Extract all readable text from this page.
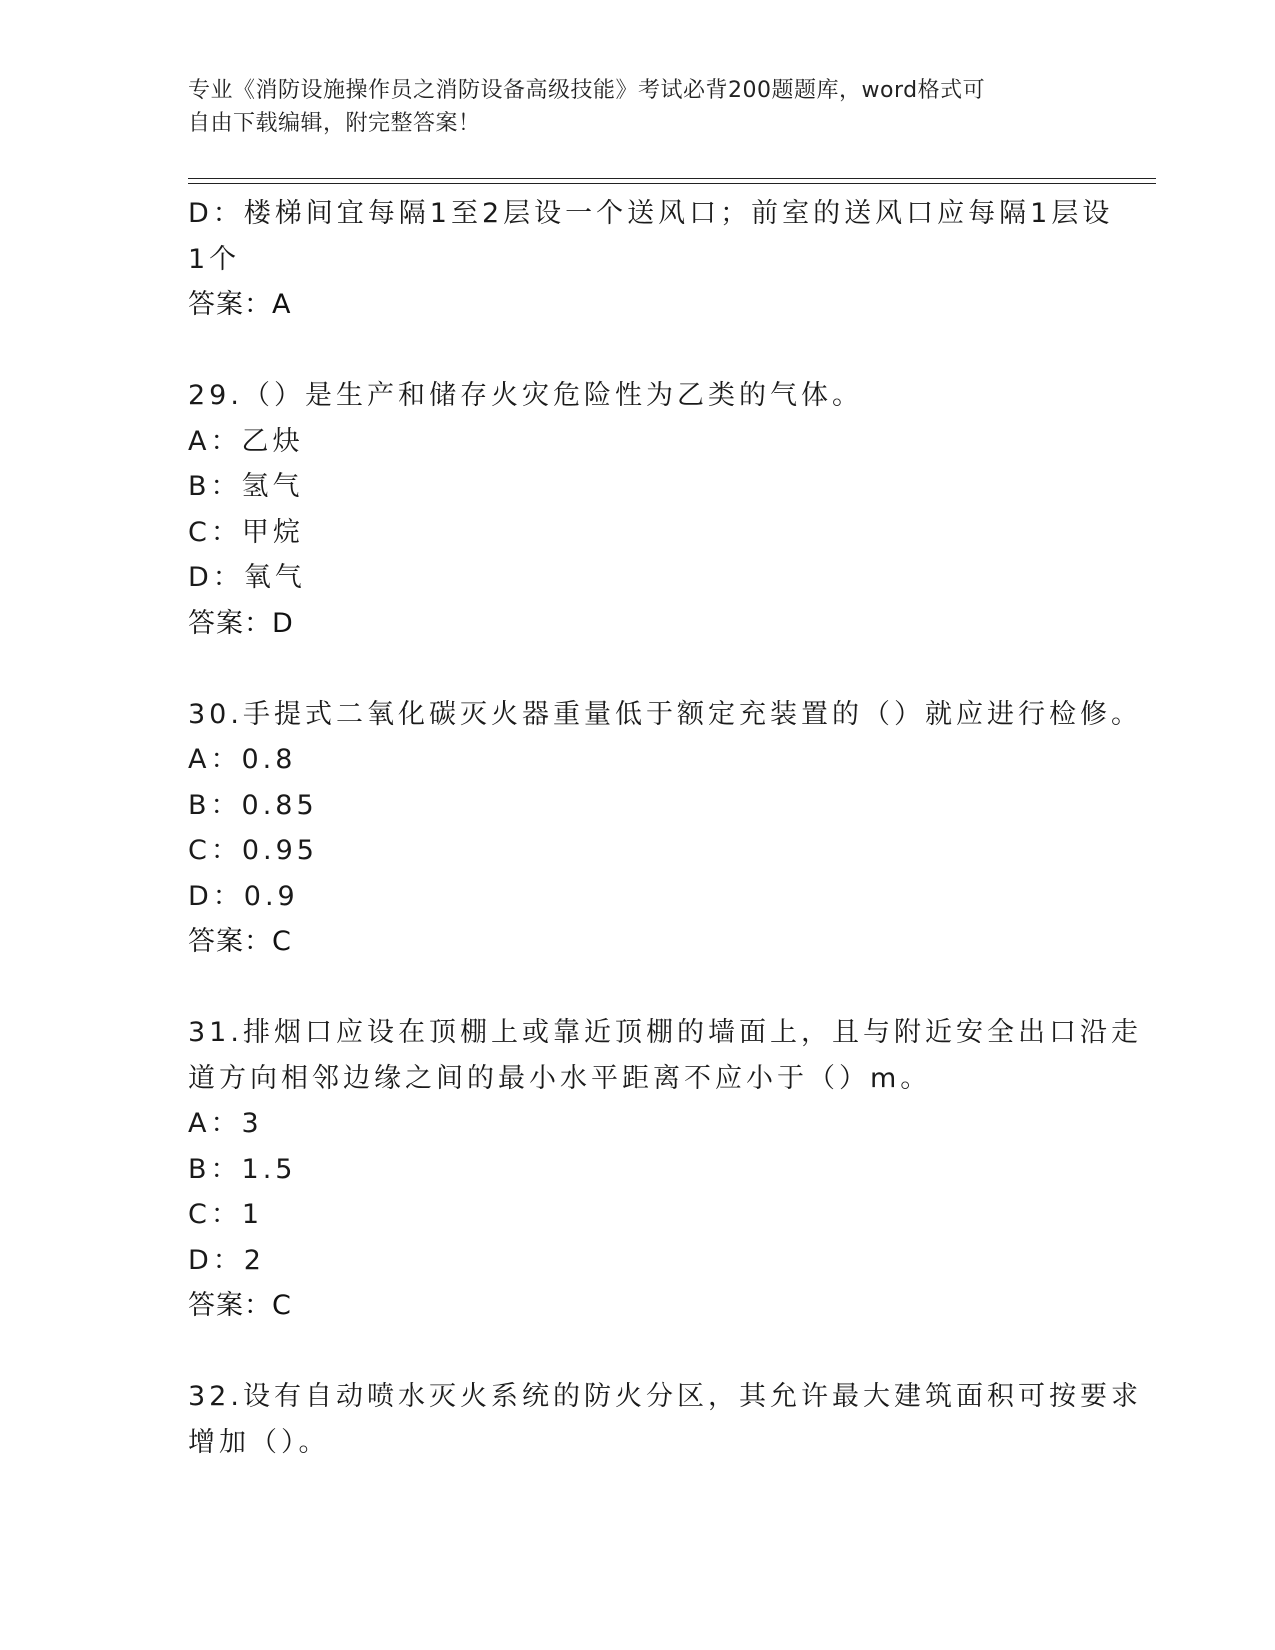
专业《消防设施操作员之消防设备高级技能》考试必背200题题库，word格式可
自由下载编辑，附完整答案！
D：楼梯间宜每隔1至2层设一个送风口；前室的送风口应每隔1层设
1个
答案：A
29.（）是生产和储存火灾危险性为乙类的气体。
A：乙炔
B：氢气
C：甲烷
D：氧气
答案：D
30.手提式二氧化碳灭火器重量低于额定充装置的（）就应进行检修。
A：0.8
B：0.85
C：0.95
D：0.9
答案：C
31.排烟口应设在顶棚上或靠近顶棚的墙面上，且与附近安全出口沿走
道方向相邻边缘之间的最小水平距离不应小于（）m。
A：3
B：1.5
C：1
D：2
答案：C
32.设有自动喷水灭火系统的防火分区，其允许最大建筑面积可按要求
增加（）。
